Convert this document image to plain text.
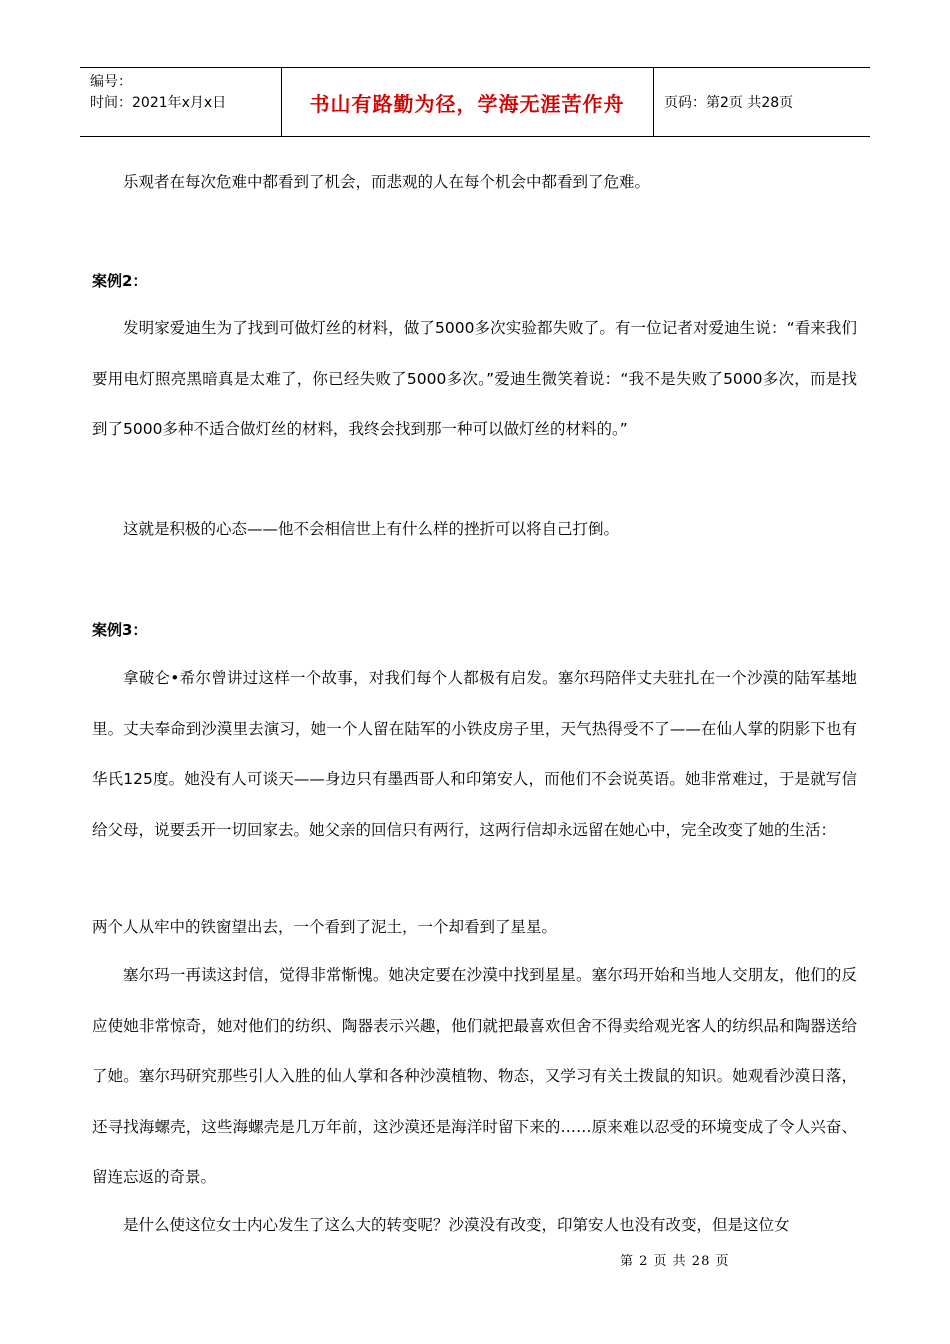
编号：
时间：2021年x月x日	书山有路勤为径，学海无涯苦作舟	页码：第2页 共28页

乐观者在每次危难中都看到了机会，而悲观的人在每个机会中都看到了危难。

案例2：

发明家爱迪生为了找到可做灯丝的材料，做了5000多次实验都失败了。有一位记者对爱迪生说：“看来我们要用电灯照亮黑暗真是太难了，你已经失败了5000多次。”爱迪生微笑着说：“我不是失败了5000多次，而是找到了5000多种不适合做灯丝的材料，我终会找到那一种可以做灯丝的材料的。”

这就是积极的心态——他不会相信世上有什么样的挫折可以将自己打倒。

案例3：

拿破仑•希尔曾讲过这样一个故事，对我们每个人都极有启发。塞尔玛陪伴丈夫驻扎在一个沙漠的陆军基地里。丈夫奉命到沙漠里去演习，她一个人留在陆军的小铁皮房子里，天气热得受不了——在仙人掌的阴影下也有华氏125度。她没有人可谈天——身边只有墨西哥人和印第安人，而他们不会说英语。她非常难过，于是就写信给父母，说要丢开一切回家去。她父亲的回信只有两行，这两行信却永远留在她心中，完全改变了她的生活：

两个人从牢中的铁窗望出去，一个看到了泥土，一个却看到了星星。

塞尔玛一再读这封信，觉得非常惭愧。她决定要在沙漠中找到星星。塞尔玛开始和当地人交朋友，他们的反应使她非常惊奇，她对他们的纺织、陶器表示兴趣，他们就把最喜欢但舍不得卖给观光客人的纺织品和陶器送给了她。塞尔玛研究那些引人入胜的仙人掌和各种沙漠植物、物态，又学习有关土拨鼠的知识。她观看沙漠日落，还寻找海螺壳，这些海螺壳是几万年前，这沙漠还是海洋时留下来的……原来难以忍受的环境变成了令人兴奋、留连忘返的奇景。

是什么使这位女士内心发生了这么大的转变呢？沙漠没有改变，印第安人也没有改变，但是这位女

第 2 页 共 28 页
